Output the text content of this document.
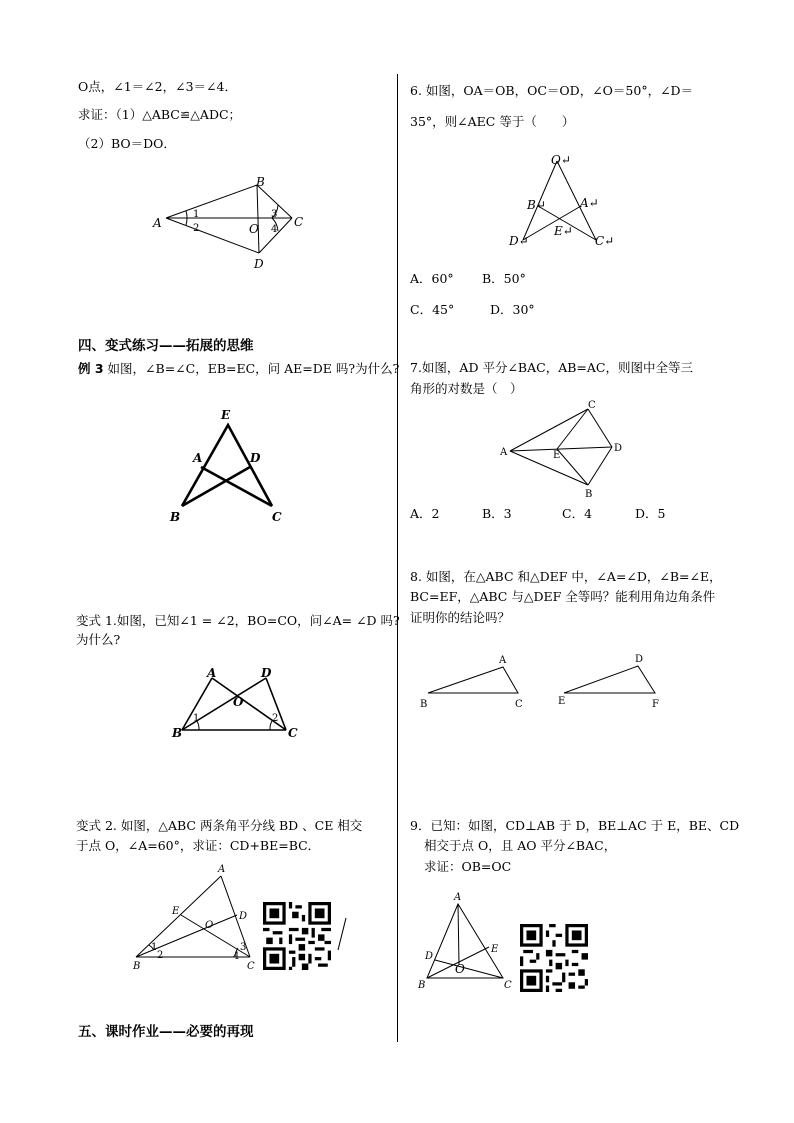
O点，∠1＝∠2，∠3＝∠4．
求证：（1）△ABC≌△ADC；
（2）BO＝DO．
A
B
C
D
O
1
2
3
4
四、变式练习——拓展的思维
例 3 如图，∠B=∠C，EB=EC，问 AE=DE 吗?为什么?
E
A	D
B	C
变式 1.如图，已知∠1 = ∠2，BO=CO，问∠A= ∠D 吗?
为什么?
A	D
O
B	C
1	2
变式 2. 如图，△ABC 两条角平分线 BD 、CE 相交
于点 O，∠A=60°，求证：CD+BE=BC．
A
E
O
D
B	C
1
2
3
4
五、课时作业——必要的再现
6. 如图，OA＝OB，OC＝OD，∠O＝50°，∠D＝
35°，则∠AEC 等于（　　）
O↵
B↵	A↵
E↵
D↵	C↵
A．60° B．50°
C．45°	D．30°
7.如图，AD 平分∠BAC，AB=AC，则图中全等三
角形的对数是（　）
A
C
D
E
B
A．2	B．3	C．4	D．5
8. 如图，在△ABC 和△DEF 中，∠A=∠D，∠B=∠E，
BC=EF，△ABC 与△DEF 全等吗？能利用角边角条件
证明你的结论吗？
A
B	C
D
E	F
9．已知：如图，CD⊥AB 于 D，BE⊥AC 于 E，BE、CD
相交于点 O，且 AO 平分∠BAC，
求证：OB=OC
A
D
E
O
B	C
